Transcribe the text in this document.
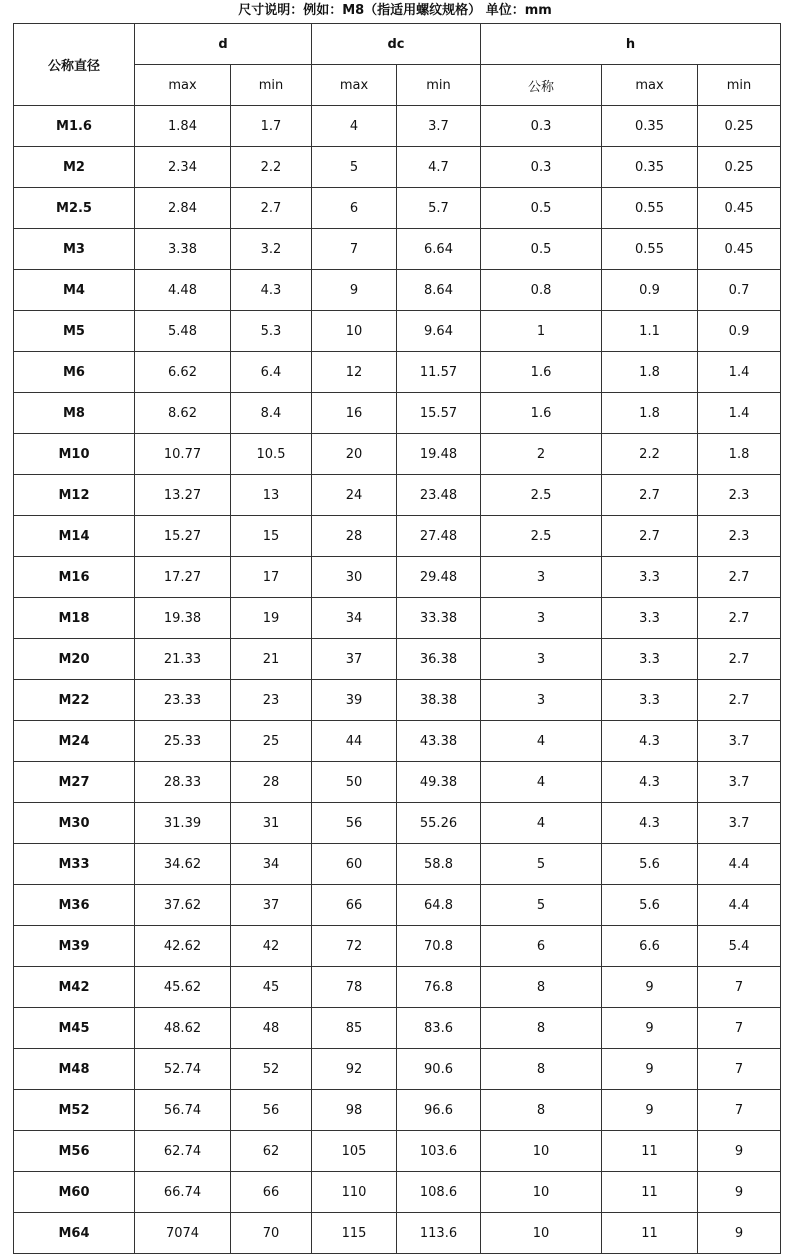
尺寸说明：例如：M8（指适用螺纹规格） 单位：mm
公称直径	d		dc		h		
	max	min	max	min	公称	max	min
M1.6	1.84	1.7	4	3.7	0.3	0.35	0.25
M2	2.34	2.2	5	4.7	0.3	0.35	0.25
M2.5	2.84	2.7	6	5.7	0.5	0.55	0.45
M3	3.38	3.2	7	6.64	0.5	0.55	0.45
M4	4.48	4.3	9	8.64	0.8	0.9	0.7
M5	5.48	5.3	10	9.64	1	1.1	0.9
M6	6.62	6.4	12	11.57	1.6	1.8	1.4
M8	8.62	8.4	16	15.57	1.6	1.8	1.4
M10	10.77	10.5	20	19.48	2	2.2	1.8
M12	13.27	13	24	23.48	2.5	2.7	2.3
M14	15.27	15	28	27.48	2.5	2.7	2.3
M16	17.27	17	30	29.48	3	3.3	2.7
M18	19.38	19	34	33.38	3	3.3	2.7
M20	21.33	21	37	36.38	3	3.3	2.7
M22	23.33	23	39	38.38	3	3.3	2.7
M24	25.33	25	44	43.38	4	4.3	3.7
M27	28.33	28	50	49.38	4	4.3	3.7
M30	31.39	31	56	55.26	4	4.3	3.7
M33	34.62	34	60	58.8	5	5.6	4.4
M36	37.62	37	66	64.8	5	5.6	4.4
M39	42.62	42	72	70.8	6	6.6	5.4
M42	45.62	45	78	76.8	8	9	7
M45	48.62	48	85	83.6	8	9	7
M48	52.74	52	92	90.6	8	9	7
M52	56.74	56	98	96.6	8	9	7
M56	62.74	62	105	103.6	10	11	9
M60	66.74	66	110	108.6	10	11	9
M64	7074	70	115	113.6	10	11	9
